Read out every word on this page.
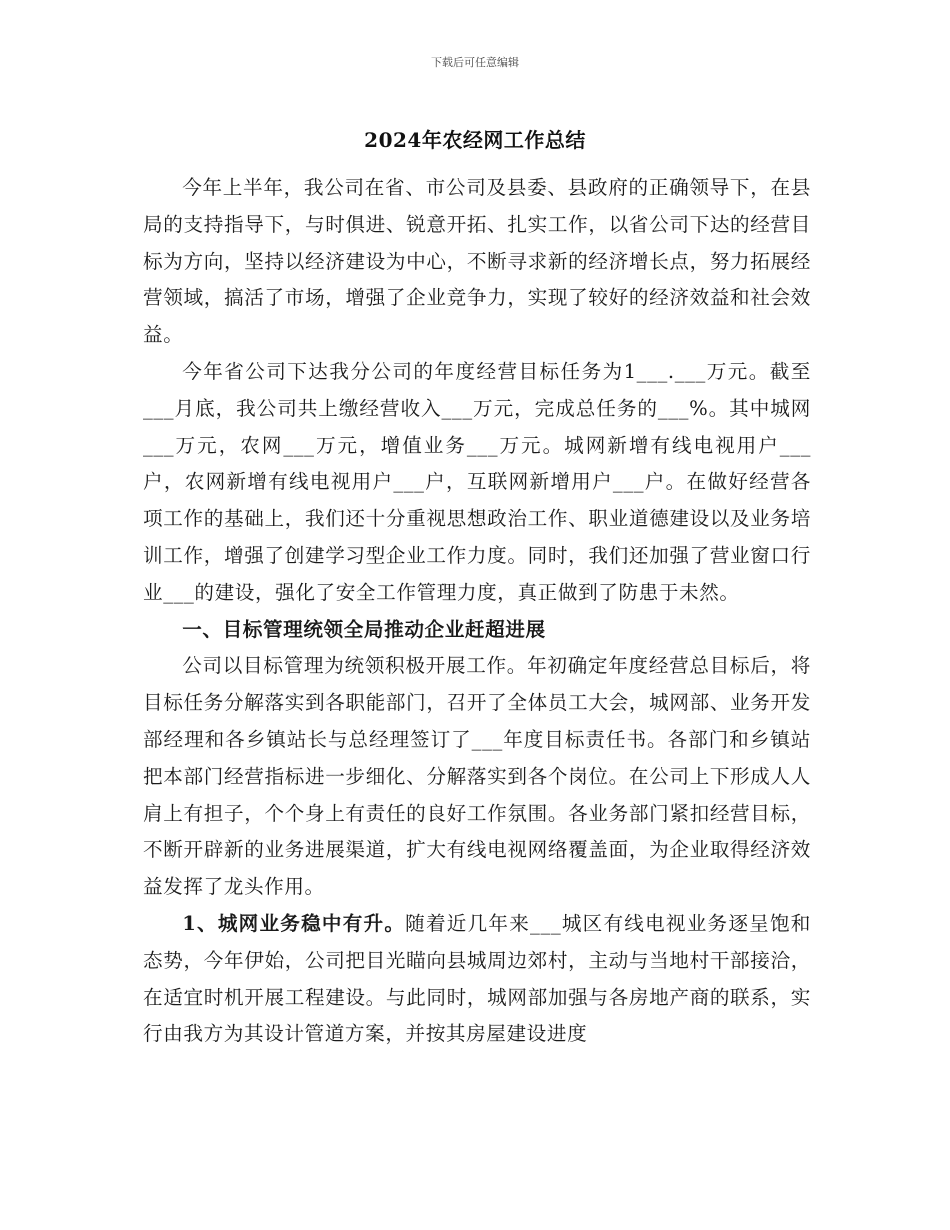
下载后可任意编辑
2024年农经网工作总结

今年上半年，我公司在省、市公司及县委、县政府的正确领导下，在县局的支持指导下，与时俱进、锐意开拓、扎实工作，以省公司下达的经营目标为方向，坚持以经济建设为中心，不断寻求新的经济增长点，努力拓展经营领域，搞活了市场，增强了企业竞争力，实现了较好的经济效益和社会效益。

今年省公司下达我分公司的年度经营目标任务为1___.___万元。截至___月底，我公司共上缴经营收入___万元，完成总任务的___%。其中城网___万元，农网___万元，增值业务___万元。城网新增有线电视用户___户，农网新增有线电视用户___户，互联网新增用户___户。在做好经营各项工作的基础上，我们还十分重视思想政治工作、职业道德建设以及业务培训工作，增强了创建学习型企业工作力度。同时，我们还加强了营业窗口行业___的建设，强化了安全工作管理力度，真正做到了防患于未然。

一、目标管理统领全局推动企业赶超进展

公司以目标管理为统领积极开展工作。年初确定年度经营总目标后，将目标任务分解落实到各职能部门，召开了全体员工大会，城网部、业务开发部经理和各乡镇站长与总经理签订了___年度目标责任书。各部门和乡镇站把本部门经营指标进一步细化、分解落实到各个岗位。在公司上下形成人人肩上有担子，个个身上有责任的良好工作氛围。各业务部门紧扣经营目标，不断开辟新的业务进展渠道，扩大有线电视网络覆盖面，为企业取得经济效益发挥了龙头作用。

1、城网业务稳中有升。随着近几年来___城区有线电视业务逐呈饱和态势，今年伊始，公司把目光瞄向县城周边郊村，主动与当地村干部接洽，在适宜时机开展工程建设。与此同时，城网部加强与各房地产商的联系，实行由我方为其设计管道方案，并按其房屋建设进度
